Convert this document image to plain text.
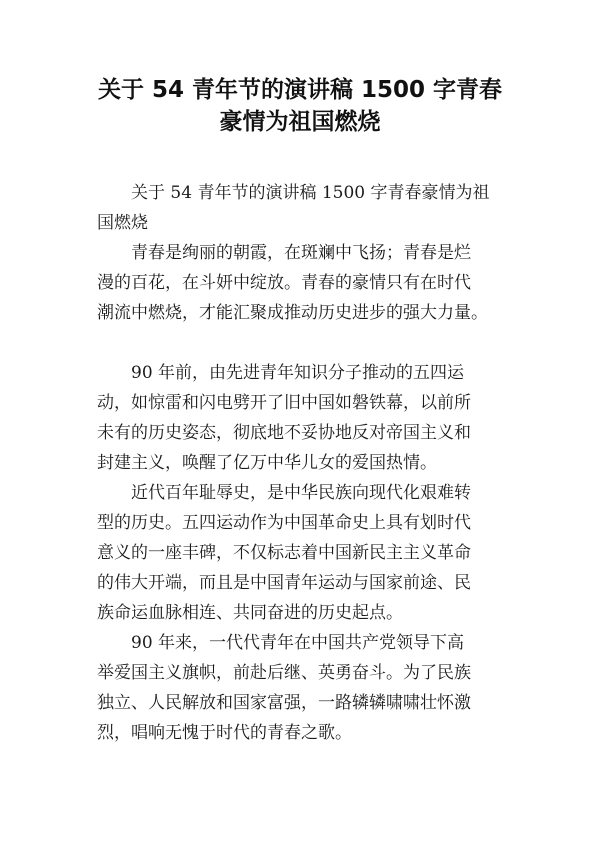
关于 54 青年节的演讲稿 1500 字青春
豪情为祖国燃烧
关于 54 青年节的演讲稿 1500 字青春豪情为祖
国燃烧
青春是绚丽的朝霞，在斑斓中飞扬；青春是烂
漫的百花，在斗妍中绽放。青春的豪情只有在时代
潮流中燃烧，才能汇聚成推动历史进步的强大力量。
90 年前，由先进青年知识分子推动的五四运
动，如惊雷和闪电劈开了旧中国如磐铁幕，以前所
未有的历史姿态，彻底地不妥协地反对帝国主义和
封建主义，唤醒了亿万中华儿女的爱国热情。
近代百年耻辱史，是中华民族向现代化艰难转
型的历史。五四运动作为中国革命史上具有划时代
意义的一座丰碑，不仅标志着中国新民主主义革命
的伟大开端，而且是中国青年运动与国家前途、民
族命运血脉相连、共同奋进的历史起点。
90 年来，一代代青年在中国共产党领导下高
举爱国主义旗帜，前赴后继、英勇奋斗。为了民族
独立、人民解放和国家富强，一路辚辚啸啸壮怀激
烈，唱响无愧于时代的青春之歌。
